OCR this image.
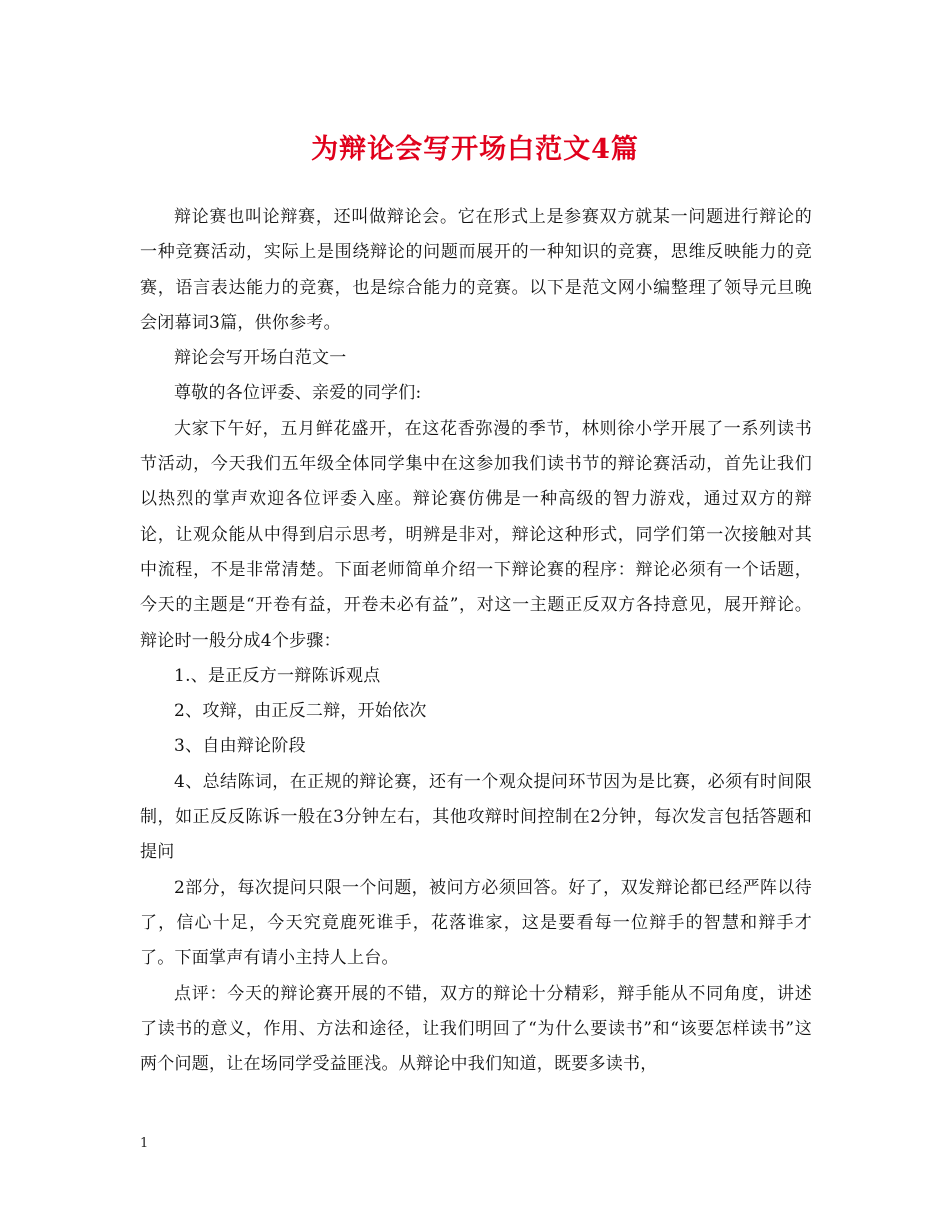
为辩论会写开场白范文4篇

辩论赛也叫论辩赛，还叫做辩论会。它在形式上是参赛双方就某一问题进行辩论的一种竞赛活动，实际上是围绕辩论的问题而展开的一种知识的竞赛，思维反映能力的竞赛，语言表达能力的竞赛，也是综合能力的竞赛。以下是范文网小编整理了领导元旦晚会闭幕词3篇，供你参考。

辩论会写开场白范文一

尊敬的各位评委、亲爱的同学们:

大家下午好，五月鲜花盛开，在这花香弥漫的季节，林则徐小学开展了一系列读书节活动，今天我们五年级全体同学集中在这参加我们读书节的辩论赛活动，首先让我们以热烈的掌声欢迎各位评委入座。辩论赛仿佛是一种高级的智力游戏，通过双方的辩论，让观众能从中得到启示思考，明辨是非对，辩论这种形式，同学们第一次接触对其中流程，不是非常清楚。下面老师简单介绍一下辩论赛的程序：辩论必须有一个话题，今天的主题是“开卷有益，开卷未必有益”，对这一主题正反双方各持意见，展开辩论。辩论时一般分成4个步骤：

1.、是正反方一辩陈诉观点

2、攻辩，由正反二辩，开始依次

3、自由辩论阶段

4、总结陈词，在正规的辩论赛，还有一个观众提问环节因为是比赛，必须有时间限制，如正反反陈诉一般在3分钟左右，其他攻辩时间控制在2分钟，每次发言包括答题和提问

2部分，每次提问只限一个问题，被问方必须回答。好了，双发辩论都已经严阵以待了，信心十足，今天究竟鹿死谁手，花落谁家，这是要看每一位辩手的智慧和辩手才了。下面掌声有请小主持人上台。

点评：今天的辩论赛开展的不错，双方的辩论十分精彩，辩手能从不同角度，讲述了读书的意义，作用、方法和途径，让我们明回了“为什么要读书”和“该要怎样读书”这两个问题，让在场同学受益匪浅。从辩论中我们知道，既要多读书，

1
